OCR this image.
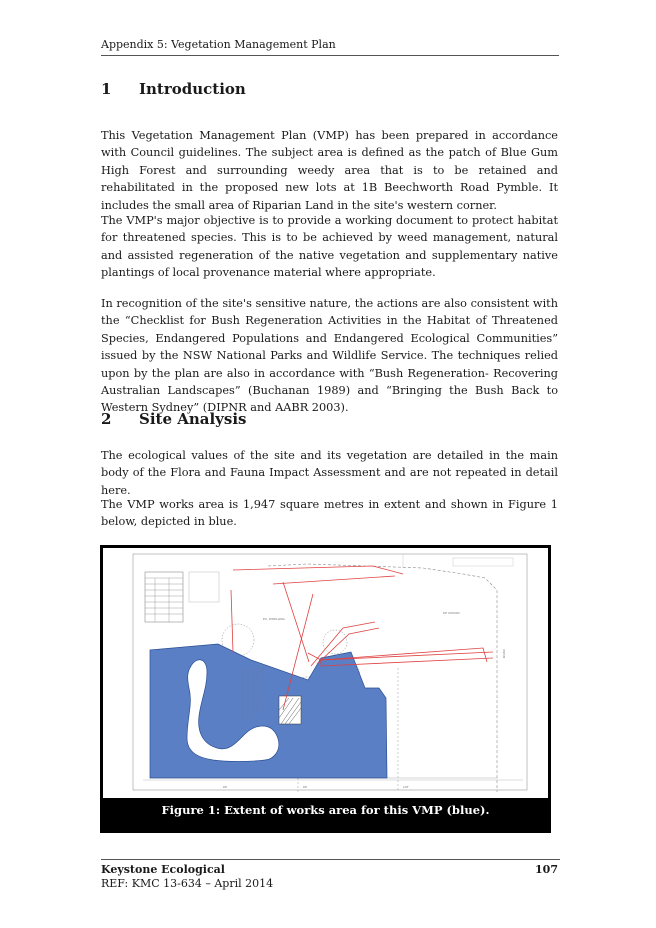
Appendix 5: Vegetation Management Plan
1 Introduction

This Vegetation Management Plan (VMP) has been prepared in accordance with Council guidelines. The subject area is defined as the patch of Blue Gum High Forest and surrounding weedy area that is to be retained and rehabilitated in the proposed new lots at 1B Beechworth Road Pymble. It includes the small area of Riparian Land in the site's western corner.

The VMP's major objective is to provide a working document to protect habitat for threatened species. This is to be achieved by weed management, natural and assisted regeneration of the native vegetation and supplementary native plantings of local provenance material where appropriate.

In recognition of the site's sensitive nature, the actions are also consistent with the “Checklist for Bush Regeneration Activities in the Habitat of Threatened Species, Endangered Populations and Endangered Ecological Communities” issued by the NSW National Parks and Wildlife Service. The techniques relied upon by the plan are also in accordance with “Bush Regeneration- Recovering Australian Landscapes” (Buchanan 1989) and “Bringing the Bush Back to Western Sydney” (DIPNR and AABR 2003).

2 Site Analysis

The ecological values of the site and its vegetation are detailed in the main body of the Flora and Fauna Impact Assessment and are not repeated in detail here.

The VMP works area is 1,947 square metres in extent and shown in Figure 1 below, depicted in blue.

EX. DWELLING
DP 000000
ROAD
DP	DP	LOT
Figure 1: Extent of works area for this VMP (blue).
Keystone Ecological
REF: KMC 13-634 – April 2014
107
